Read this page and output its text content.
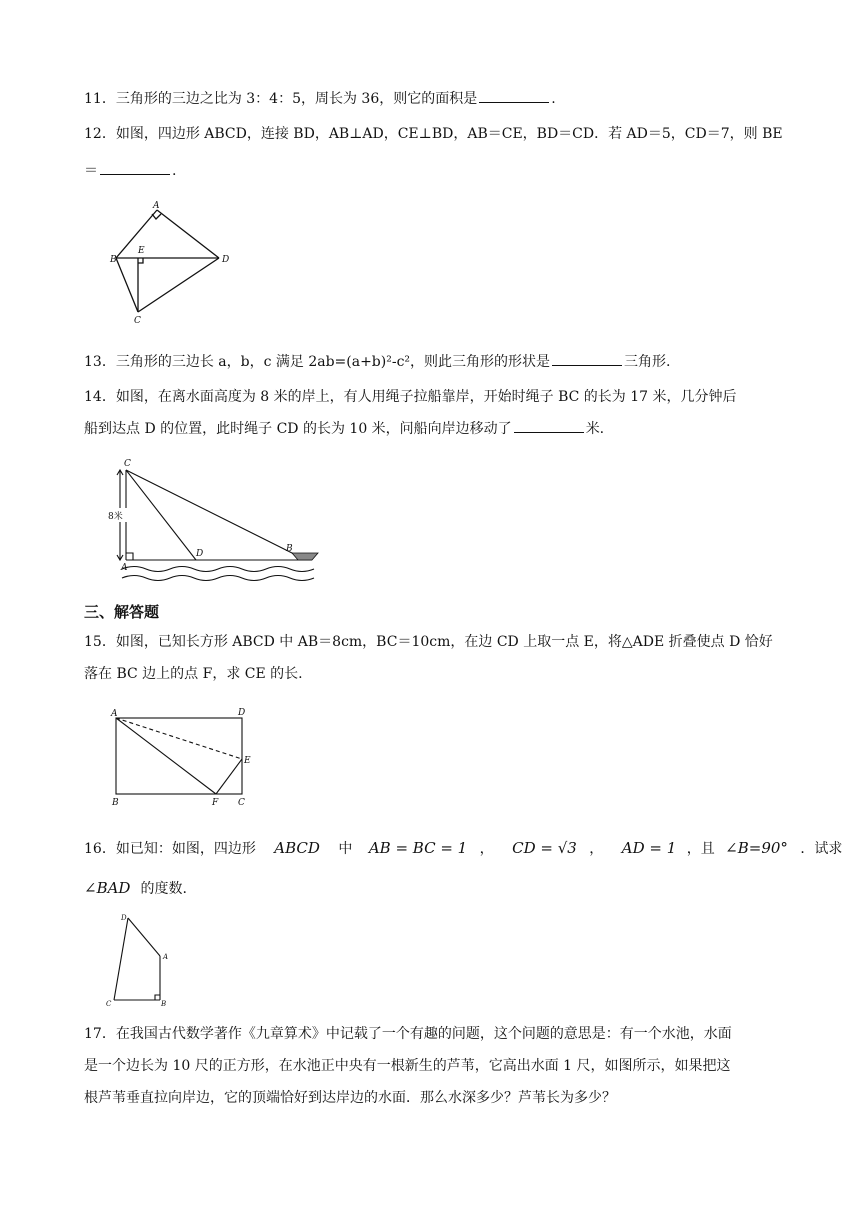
11．三角形的三边之比为 3：4：5，周长为 36，则它的面积是	.
12．如图，四边形 ABCD，连接 BD，AB⊥AD，CE⊥BD，AB＝CE，BD＝CD．若 AD＝5，CD＝7，则 BE
＝	.
A
B
E
D
C
13．三角形的三边长 a，b，c 满足 2ab=(a+b)²-c²，则此三角形的形状是	三角形.
14．如图，在离水面高度为 8 米的岸上，有人用绳子拉船靠岸，开始时绳子 BC 的长为 17 米，几分钟后
船到达点 D 的位置，此时绳子 CD 的长为 10 米，问船向岸边移动了	米.
8米
C
A
D	B
三、解答题
15．如图，已知长方形 ABCD 中 AB＝8cm，BC＝10cm，在边 CD 上取一点 E，将△ADE 折叠使点 D 恰好
落在 BC 边上的点 F，求 CE 的长.
A	D
E
B	F C
16．如已知：如图，四边形 ABCD 中 AB = BC = 1 ， CD = √3 ， AD = 1 ，且 ∠B=90° ．试求
∠BAD 的度数.
D
A
C	B
17．在我国古代数学著作《九章算术》中记载了一个有趣的问题，这个问题的意思是：有一个水池，水面
是一个边长为 10 尺的正方形，在水池正中央有一根新生的芦苇，它高出水面 1 尺，如图所示，如果把这
根芦苇垂直拉向岸边，它的顶端恰好到达岸边的水面．那么水深多少？芦苇长为多少？
